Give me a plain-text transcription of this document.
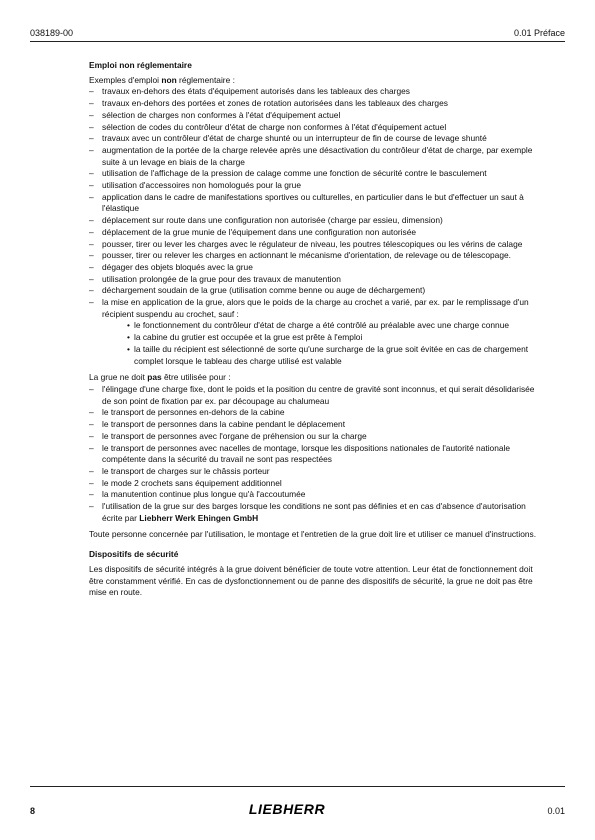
038189-00	0.01 Préface
Emploi non réglementaire

Exemples d'emploi non réglementaire :

– travaux en-dehors des états d'équipement autorisés dans les tableaux des charges
– travaux en-dehors des portées et zones de rotation autorisées dans les tableaux des charges
– sélection de charges non conformes à l'état d'équipement actuel
– sélection de codes du contrôleur d'état de charge non conformes à l'état d'équipement actuel
– travaux avec un contrôleur d'état de charge shunté ou un interrupteur de fin de course de levage shunté
– augmentation de la portée de la charge relevée après une désactivation du contrôleur d'état de charge, par exemple suite à un levage en biais de la charge
– utilisation de l'affichage de la pression de calage comme une fonction de sécurité contre le basculement
– utilisation d'accessoires non homologués pour la grue
– application dans le cadre de manifestations sportives ou culturelles, en particulier dans le but d'effectuer un saut à l'élastique
– déplacement sur route dans une configuration non autorisée (charge par essieu, dimension)
– déplacement de la grue munie de l'équipement dans une configuration non autorisée
– pousser, tirer ou lever les charges avec le régulateur de niveau, les poutres télescopiques ou les vérins de calage
– pousser, tirer ou relever les charges en actionnant le mécanisme d'orientation, de relevage ou de télescopage.
– dégager des objets bloqués avec la grue
– utilisation prolongée de la grue pour des travaux de manutention
– déchargement soudain de la grue (utilisation comme benne ou auge de déchargement)
– la mise en application de la grue, alors que le poids de la charge au crochet a varié, par ex. par le remplissage d'un récipient suspendu au crochet, sauf :
• le fonctionnement du contrôleur d'état de charge a été contrôlé au préalable avec une charge connue
• la cabine du grutier est occupée et la grue est prête à l'emploi
• la taille du récipient est sélectionné de sorte qu'une surcharge de la grue soit évitée en cas de chargement complet lorsque le tableau des charge utilisé est valable

La grue ne doit pas être utilisée pour :

– l'élingage d'une charge fixe, dont le poids et la position du centre de gravité sont inconnus, et qui serait désolidarisée de son point de fixation par ex. par découpage au chalumeau
– le transport de personnes en-dehors de la cabine
– le transport de personnes dans la cabine pendant le déplacement
– le transport de personnes avec l'organe de préhension ou sur la charge
– le transport de personnes avec nacelles de montage, lorsque les dispositions nationales de l'autorité nationale compétente dans la sécurité du travail ne sont pas respectées
– le transport de charges sur le châssis porteur
– le mode 2 crochets sans équipement additionnel
– la manutention continue plus longue qu'à l'accoutumée
– l'utilisation de la grue sur des barges lorsque les conditions ne sont pas définies et en cas d'absence d'autorisation écrite par Liebherr Werk Ehingen GmbH

Toute personne concernée par l'utilisation, le montage et l'entretien de la grue doit lire et utiliser ce manuel d'instructions.

Dispositifs de sécurité

Les dispositifs de sécurité intégrés à la grue doivent bénéficier de toute votre attention. Leur état de fonctionnement doit être constamment vérifié. En cas de dysfonctionnement ou de panne des dispositifs de sécurité, la grue ne doit pas être mise en route.

8	LIEBHERR	0.01
